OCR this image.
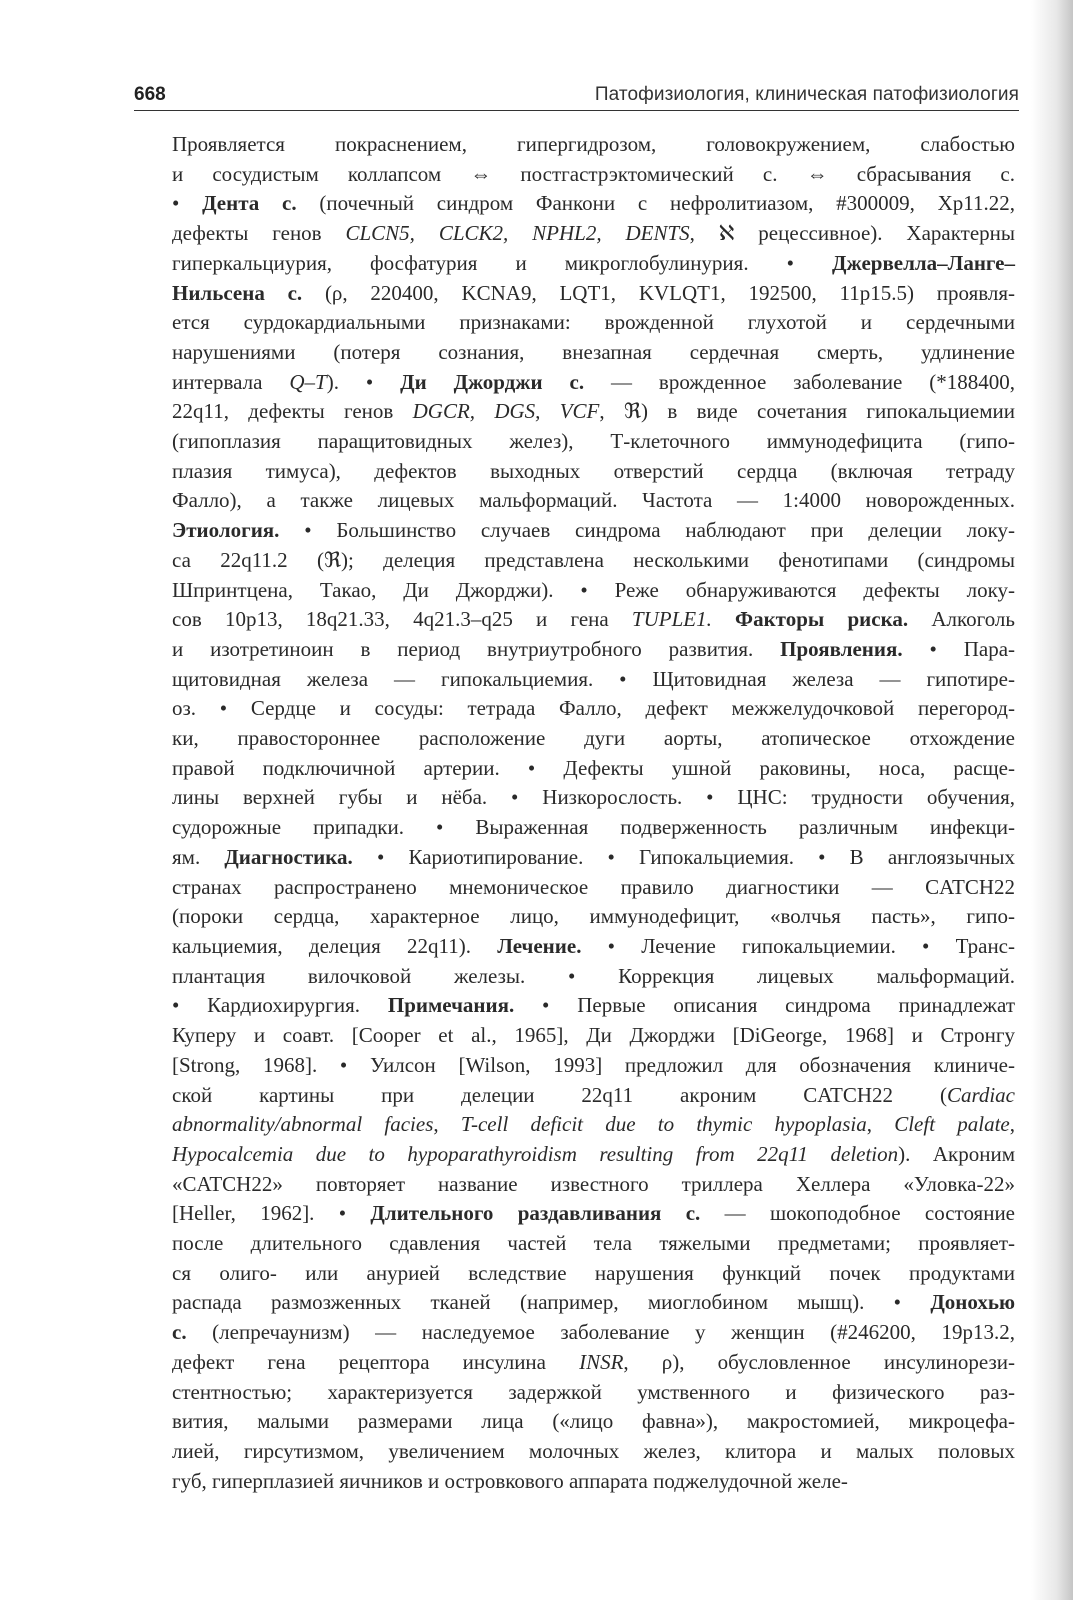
668	Патофизиология, клиническая патофизиология
Проявляется покраснением, гипергидрозом, головокружением, слабостью
и сосудистым коллапсом ⇔ постгастрэктомический с. ⇔ сбрасывания с.
• Дента с. (почечный синдром Фанкони с нефролитиазом, #300009, Xp11.22,
дефекты генов CLCN5, CLCK2, NPHL2, DENTS, ℵ рецессивное). Характерны
гиперкальциурия, фосфатурия и микроглобулинурия. • Джервелла–Ланге–
Нильсена с. (ρ, 220400, KCNA9, LQT1, KVLQT1, 192500, 11p15.5) проявля-
ется сурдокардиальными признаками: врожденной глухотой и сердечными
нарушениями (потеря сознания, внезапная сердечная смерть, удлинение
интервала Q–T). • Ди Джорджи с. — врожденное заболевание (*188400,
22q11, дефекты генов DGCR, DGS, VCF, ℜ) в виде сочетания гипокальциемии
(гипоплазия паращитовидных желез), Т-клеточного иммунодефицита (гипо-
плазия тимуса), дефектов выходных отверстий сердца (включая тетраду
Фалло), а также лицевых мальформаций. Частота — 1:4000 новорожденных.
Этиология. • Большинство случаев синдрома наблюдают при делеции локу-
са 22q11.2 (ℜ); делеция представлена несколькими фенотипами (синдромы
Шпринтцена, Такао, Ди Джорджи). • Реже обнаруживаются дефекты локу-
сов 10p13, 18q21.33, 4q21.3–q25 и гена TUPLE1. Факторы риска. Алкоголь
и изотретиноин в период внутриутробного развития. Проявления. • Пара-
щитовидная железа — гипокальциемия. • Щитовидная железа — гипотире-
оз. • Сердце и сосуды: тетрада Фалло, дефект межжелудочковой перегород-
ки, правостороннее расположение дуги аорты, атопическое отхождение
правой подключичной артерии. • Дефекты ушной раковины, носа, расще-
лины верхней губы и нёба. • Низкорослость. • ЦНС: трудности обучения,
судорожные припадки. • Выраженная подверженность различным инфекци-
ям. Диагностика. • Кариотипирование. • Гипокальциемия. • В англоязычных
странах распространено мнемоническое правило диагностики — CATCH22
(пороки сердца, характерное лицо, иммунодефицит, «волчья пасть», гипо-
кальциемия, делеция 22q11). Лечение. • Лечение гипокальциемии. • Транс-
плантация вилочковой железы. • Коррекция лицевых мальформаций.
• Кардиохирургия. Примечания. • Первые описания синдрома принадлежат
Куперу и соавт. [Cooper et al., 1965], Ди Джорджи [DiGeorge, 1968] и Стронгу
[Strong, 1968]. • Уилсон [Wilson, 1993] предложил для обозначения клиниче-
ской картины при делеции 22q11 акроним CATCH22 (Cardiac
abnormality/abnormal facies, T-cell deficit due to thymic hypoplasia, Cleft palate,
Hypocalcemia due to hypoparathyroidism resulting from 22q11 deletion). Акроним
«CATCH22» повторяет название известного триллера Хеллера «Уловка-22»
[Heller, 1962]. • Длительного раздавливания с. — шокоподобное состояние
после длительного сдавления частей тела тяжелыми предметами; проявляет-
ся олиго- или анурией вследствие нарушения функций почек продуктами
распада размозженных тканей (например, миоглобином мышц). • Донохью
с. (лепречаунизм) — наследуемое заболевание у женщин (#246200, 19p13.2,
дефект гена рецептора инсулина INSR, ρ), обусловленное инсулинорези-
стентностью; характеризуется задержкой умственного и физического раз-
вития, малыми размерами лица («лицо фавна»), макростомией, микроцефа-
лией, гирсутизмом, увеличением молочных желез, клитора и малых половых
губ, гиперплазией яичников и островкового аппарата поджелудочной желе-
